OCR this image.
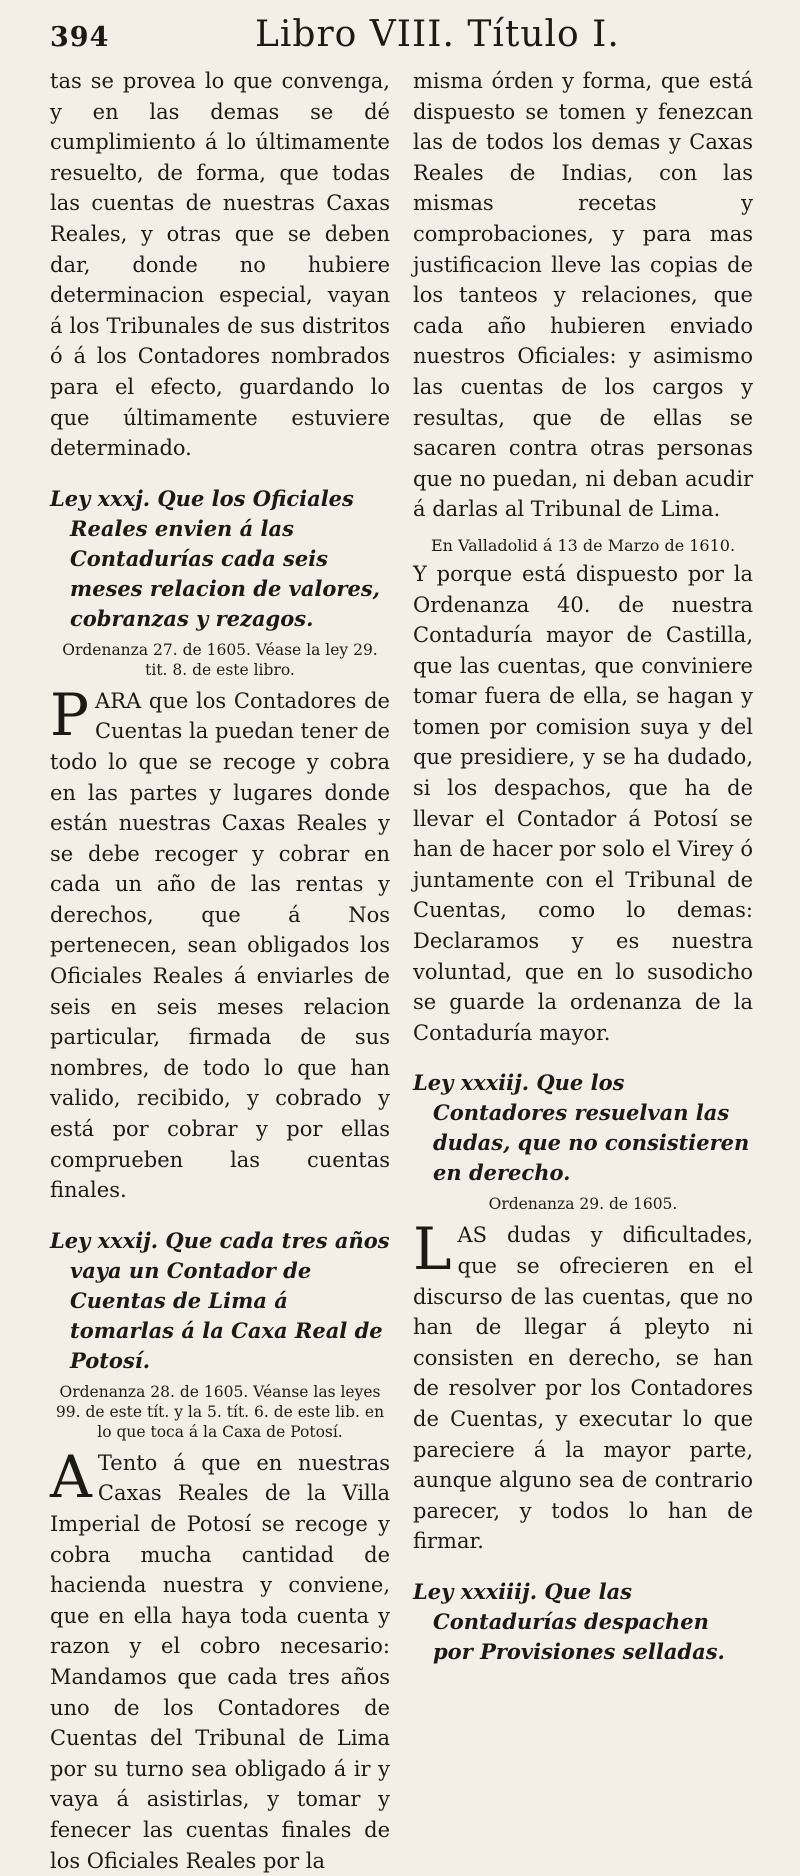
394	Libro VIII. Título I.

tas se provea lo que convenga, y en las demas se dé cumplimiento á lo últimamente resuelto, de forma, que todas las cuentas de nuestras Caxas Reales, y otras que se deben dar, donde no hubiere determinacion especial, vayan á los Tribunales de sus distritos ó á los Contadores nombrados para el efecto, guardando lo que últimamente estuviere determinado.

Ley xxxj. Que los Oficiales Reales envien á las Contadurías cada seis meses relacion de valores, cobranzas y rezagos.

Ordenanza 27. de 1605. Véase la ley 29. tit. 8. de este libro.

PARA que los Contadores de Cuentas la puedan tener de todo lo que se recoge y cobra en las partes y lugares donde están nuestras Caxas Reales y se debe recoger y cobrar en cada un año de las rentas y derechos, que á Nos pertenecen, sean obligados los Oficiales Reales á enviarles de seis en seis meses relacion particular, firmada de sus nombres, de todo lo que han valido, recibido, y cobrado y está por cobrar y por ellas comprueben las cuentas finales.

Ley xxxij. Que cada tres años vaya un Contador de Cuentas de Lima á tomarlas á la Caxa Real de Potosí.

Ordenanza 28. de 1605. Véanse las leyes 99. de este tít. y la 5. tít. 6. de este lib. en lo que toca á la Caxa de Potosí.

A Tento á que en nuestras Caxas Reales de la Villa Imperial de Potosí se recoge y cobra mucha cantidad de hacienda nuestra y conviene, que en ella haya toda cuenta y razon y el cobro necesario: Mandamos que cada tres años uno de los Contadores de Cuentas del Tribunal de Lima por su turno sea obligado á ir y vaya á asistirlas, y tomar y fenecer las cuentas finales de los Oficiales Reales por la

misma órden y forma, que está dispuesto se tomen y fenezcan las de todos los demas y Caxas Reales de Indias, con las mismas recetas y comprobaciones, y para mas justificacion lleve las copias de los tanteos y relaciones, que cada año hubieren enviado nuestros Oficiales: y asimismo las cuentas de los cargos y resultas, que de ellas se sacaren contra otras personas que no puedan, ni deban acudir á darlas al Tribunal de Lima.

En Valladolid á 13 de Marzo de 1610.

Y porque está dispuesto por la Ordenanza 40. de nuestra Contaduría mayor de Castilla, que las cuentas, que conviniere tomar fuera de ella, se hagan y tomen por comision suya y del que presidiere, y se ha dudado, si los despachos, que ha de llevar el Contador á Potosí se han de hacer por solo el Virey ó juntamente con el Tribunal de Cuentas, como lo demas: Declaramos y es nuestra voluntad, que en lo susodicho se guarde la ordenanza de la Contaduría mayor.

Ley xxxiij. Que los Contadores resuelvan las dudas, que no consistieren en derecho.

Ordenanza 29. de 1605.

LAS dudas y dificultades, que se ofrecieren en el discurso de las cuentas, que no han de llegar á pleyto ni consisten en derecho, se han de resolver por los Contadores de Cuentas, y executar lo que pareciere á la mayor parte, aunque alguno sea de contrario parecer, y todos lo han de firmar.

Ley xxxiiij. Que las Contadurías despachen por Provisiones selladas.
